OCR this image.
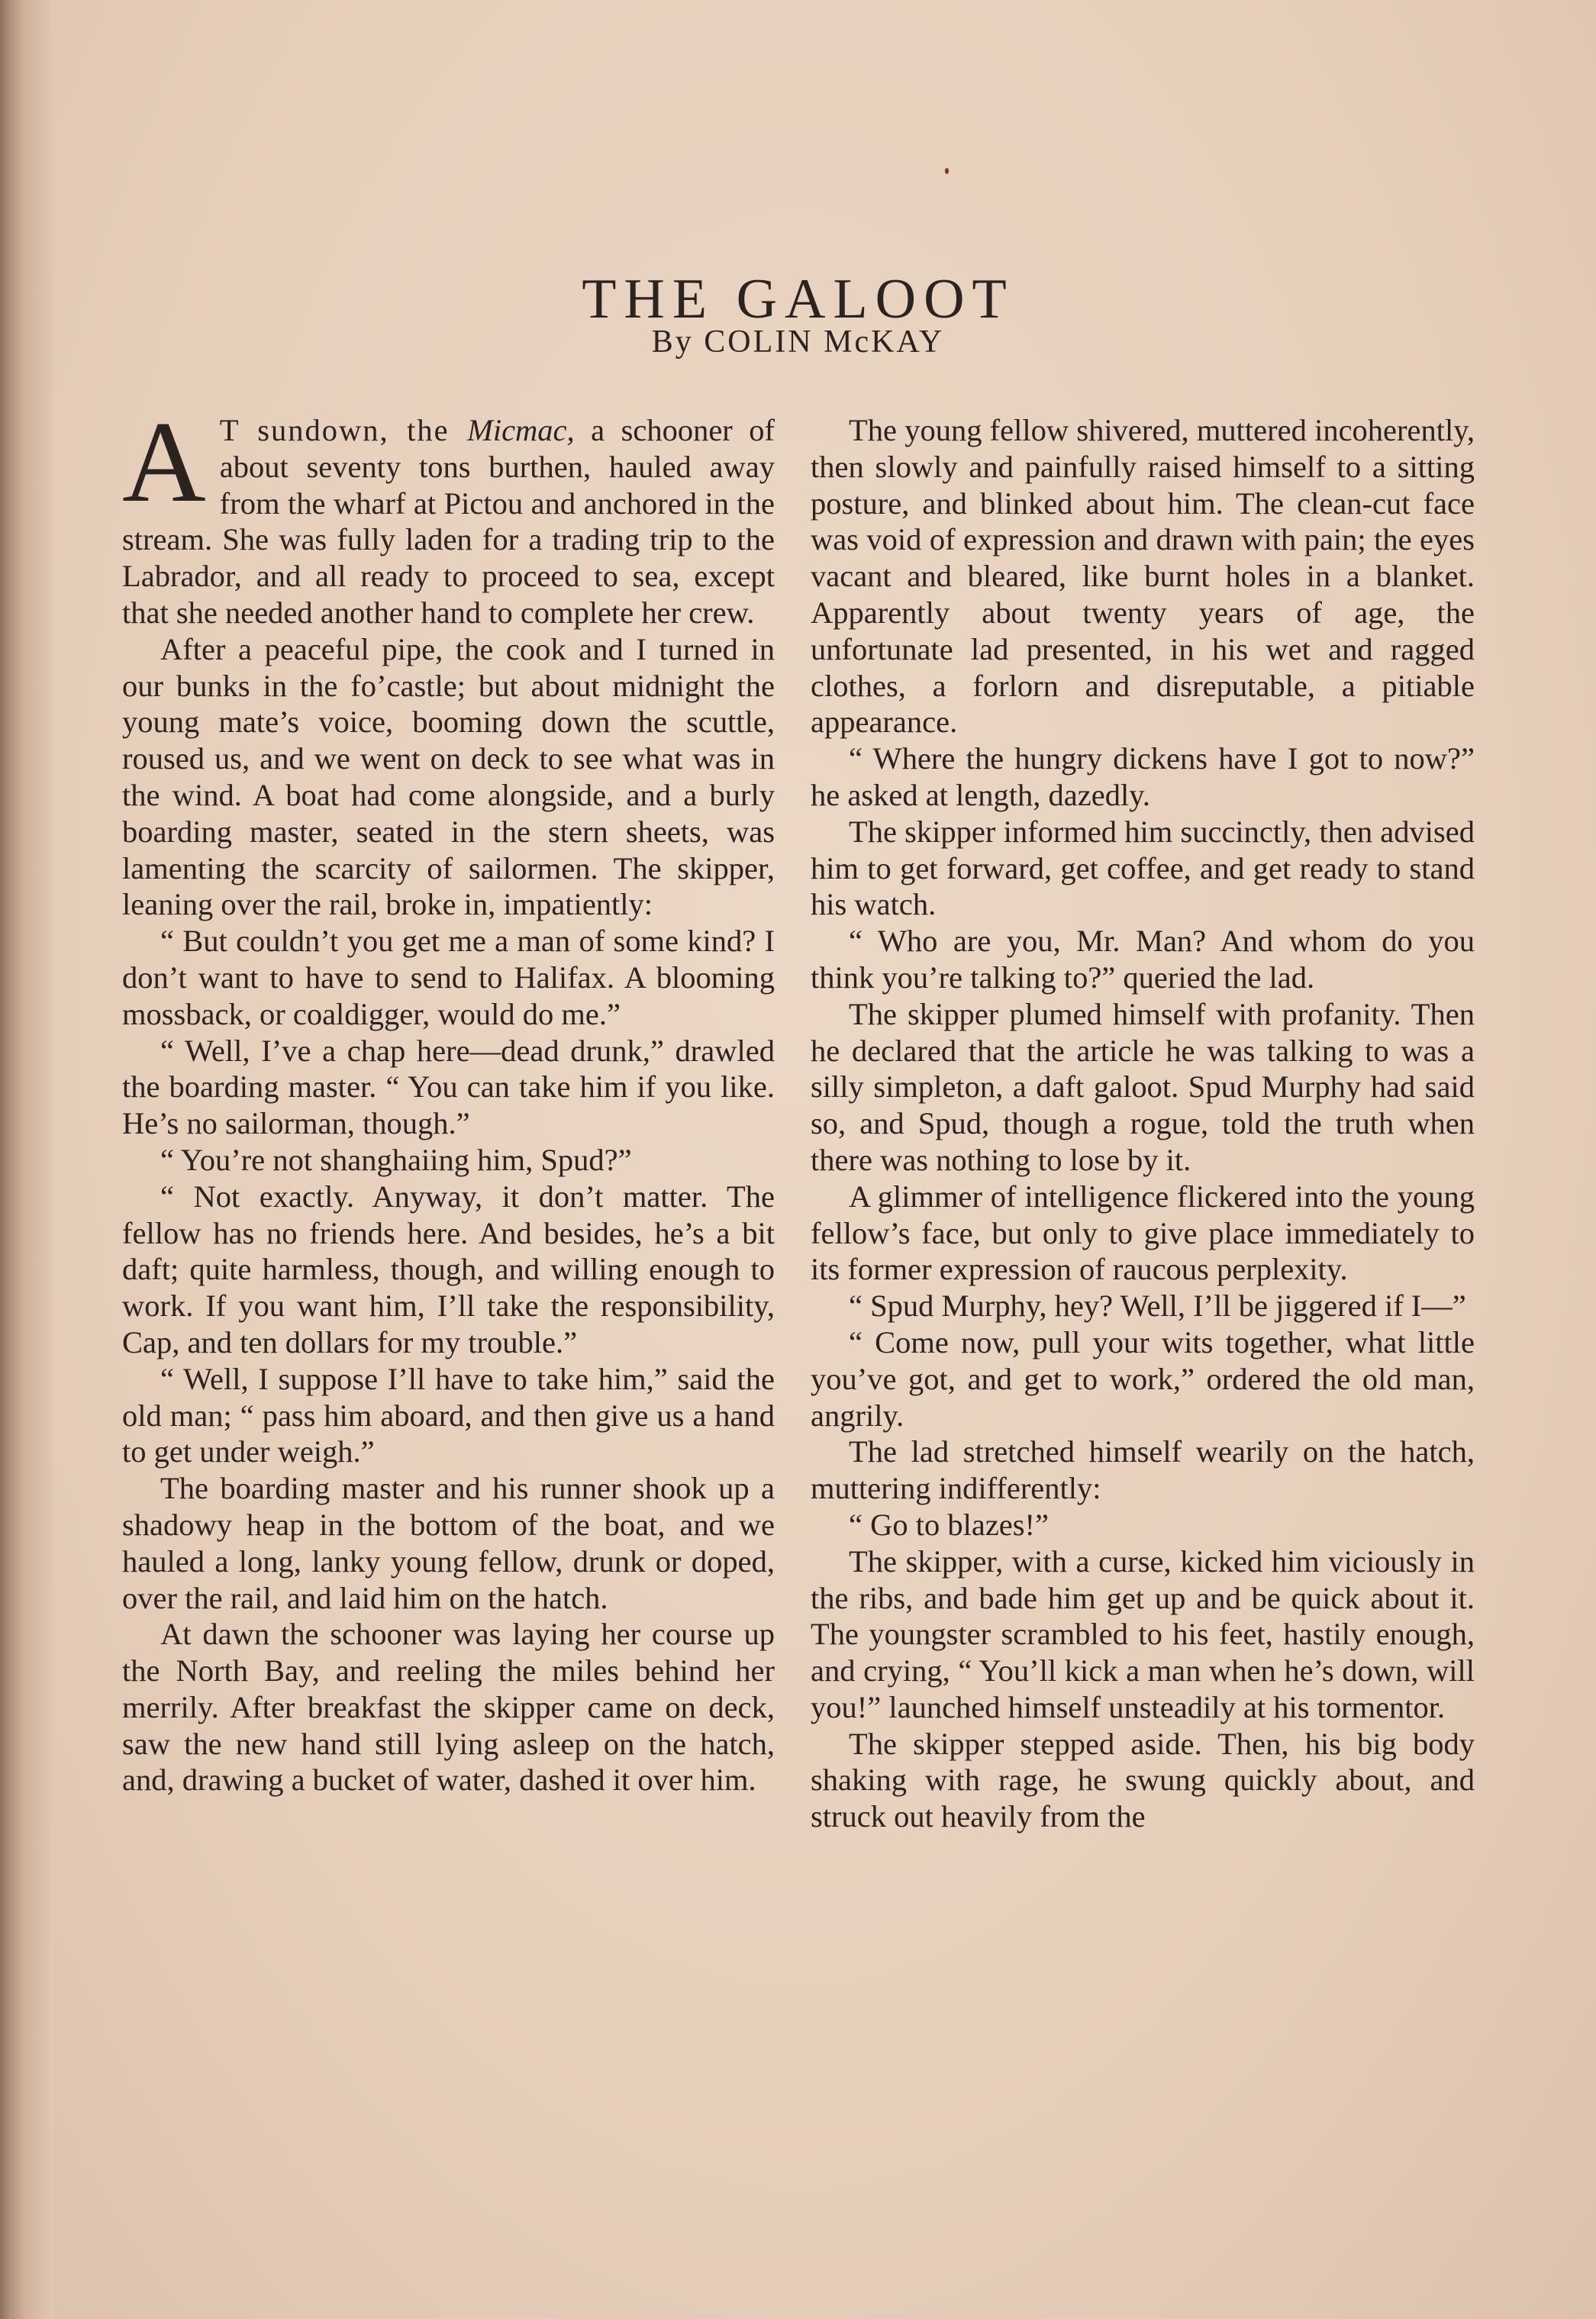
THE GALOOT
By COLIN McKAY

A T sundown, the Micmac, a schooner of about seventy tons burthen, hauled away from the wharf at Pictou and anchored in the stream. She was fully laden for a trading trip to the Labrador, and all ready to proceed to sea, except that she needed another hand to complete her crew.

After a peaceful pipe, the cook and I turned in our bunks in the fo’castle; but about midnight the young mate’s voice, booming down the scuttle, roused us, and we went on deck to see what was in the wind. A boat had come alongside, and a burly boarding master, seated in the stern sheets, was lamenting the scarcity of sailormen. The skipper, leaning over the rail, broke in, impatiently:

“ But couldn’t you get me a man of some kind? I don’t want to have to send to Halifax. A blooming mossback, or coaldigger, would do me.”

“ Well, I’ve a chap here—dead drunk,” drawled the boarding master. “ You can take him if you like. He’s no sailorman, though.”

“ You’re not shanghaiing him, Spud?”

“ Not exactly. Anyway, it don’t matter. The fellow has no friends here. And besides, he’s a bit daft; quite harmless, though, and willing enough to work. If you want him, I’ll take the responsibility, Cap, and ten dollars for my trouble.”

“ Well, I suppose I’ll have to take him,” said the old man; “ pass him aboard, and then give us a hand to get under weigh.”

The boarding master and his runner shook up a shadowy heap in the bottom of the boat, and we hauled a long, lanky young fellow, drunk or doped, over the rail, and laid him on the hatch.

At dawn the schooner was laying her course up the North Bay, and reeling the miles behind her merrily. After breakfast the skipper came on deck, saw the new hand still lying asleep on the hatch, and, drawing a bucket of water, dashed it over him.

The young fellow shivered, muttered incoherently, then slowly and painfully raised himself to a sitting posture, and blinked about him. The clean-cut face was void of expression and drawn with pain; the eyes vacant and bleared, like burnt holes in a blanket. Apparently about twenty years of age, the unfortunate lad presented, in his wet and ragged clothes, a forlorn and disreputable, a pitiable appearance.

“ Where the hungry dickens have I got to now?” he asked at length, dazedly.

The skipper informed him succinctly, then advised him to get forward, get coffee, and get ready to stand his watch.

“ Who are you, Mr. Man? And whom do you think you’re talking to?” queried the lad.

The skipper plumed himself with profanity. Then he declared that the article he was talking to was a silly simpleton, a daft galoot. Spud Murphy had said so, and Spud, though a rogue, told the truth when there was nothing to lose by it.

A glimmer of intelligence flickered into the young fellow’s face, but only to give place immediately to its former expression of raucous perplexity.

“ Spud Murphy, hey? Well, I’ll be jiggered if I—”

“ Come now, pull your wits together, what little you’ve got, and get to work,” ordered the old man, angrily.

The lad stretched himself wearily on the hatch, muttering indifferently:

“ Go to blazes!”

The skipper, with a curse, kicked him viciously in the ribs, and bade him get up and be quick about it. The youngster scrambled to his feet, hastily enough, and crying, “ You’ll kick a man when he’s down, will you!” launched himself unsteadily at his tormentor.

The skipper stepped aside. Then, his big body shaking with rage, he swung quickly about, and struck out heavily from the
